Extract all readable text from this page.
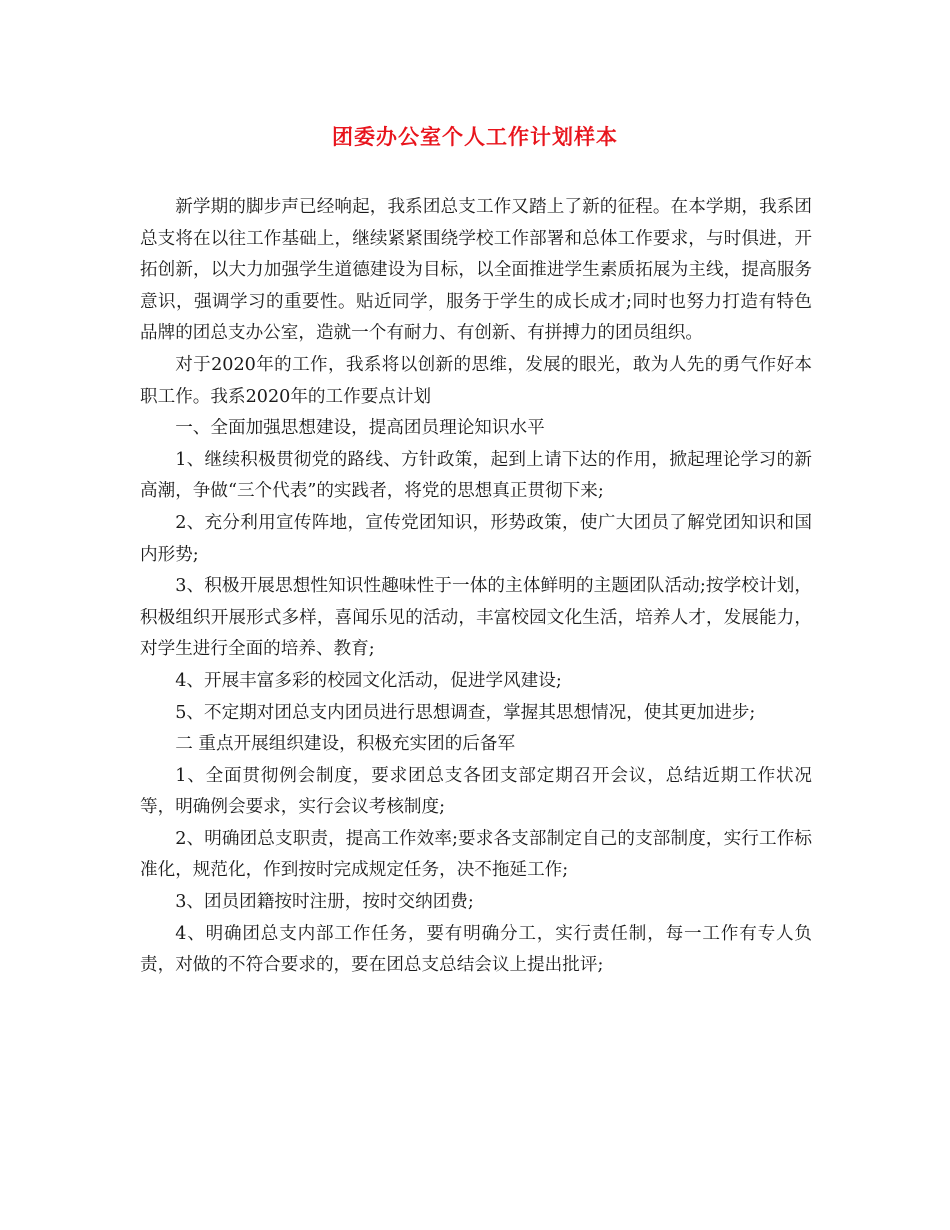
团委办公室个人工作计划样本

新学期的脚步声已经响起，我系团总支工作又踏上了新的征程。在本学期，我系团总支将在以往工作基础上，继续紧紧围绕学校工作部署和总体工作要求，与时俱进，开拓创新，以大力加强学生道德建设为目标，以全面推进学生素质拓展为主线，提高服务意识，强调学习的重要性。贴近同学，服务于学生的成长成才;同时也努力打造有特色品牌的团总支办公室，造就一个有耐力、有创新、有拼搏力的团员组织。

对于2020年的工作，我系将以创新的思维，发展的眼光，敢为人先的勇气作好本职工作。我系2020年的工作要点计划

一、全面加强思想建设，提高团员理论知识水平

1、继续积极贯彻党的路线、方针政策，起到上请下达的作用，掀起理论学习的新高潮，争做“三个代表”的实践者，将党的思想真正贯彻下来;

2、充分利用宣传阵地，宣传党团知识，形势政策，使广大团员了解党团知识和国内形势;

3、积极开展思想性知识性趣味性于一体的主体鲜明的主题团队活动;按学校计划，积极组织开展形式多样，喜闻乐见的活动，丰富校园文化生活，培养人才，发展能力，对学生进行全面的培养、教育;

4、开展丰富多彩的校园文化活动，促进学风建设;

5、不定期对团总支内团员进行思想调查，掌握其思想情况，使其更加进步;

二 重点开展组织建设，积极充实团的后备军

1、全面贯彻例会制度，要求团总支各团支部定期召开会议，总结近期工作状况等，明确例会要求，实行会议考核制度;

2、明确团总支职责，提高工作效率;要求各支部制定自己的支部制度，实行工作标准化，规范化，作到按时完成规定任务，决不拖延工作;

3、团员团籍按时注册，按时交纳团费;

4、明确团总支内部工作任务，要有明确分工，实行责任制，每一工作有专人负责，对做的不符合要求的，要在团总支总结会议上提出批评;
